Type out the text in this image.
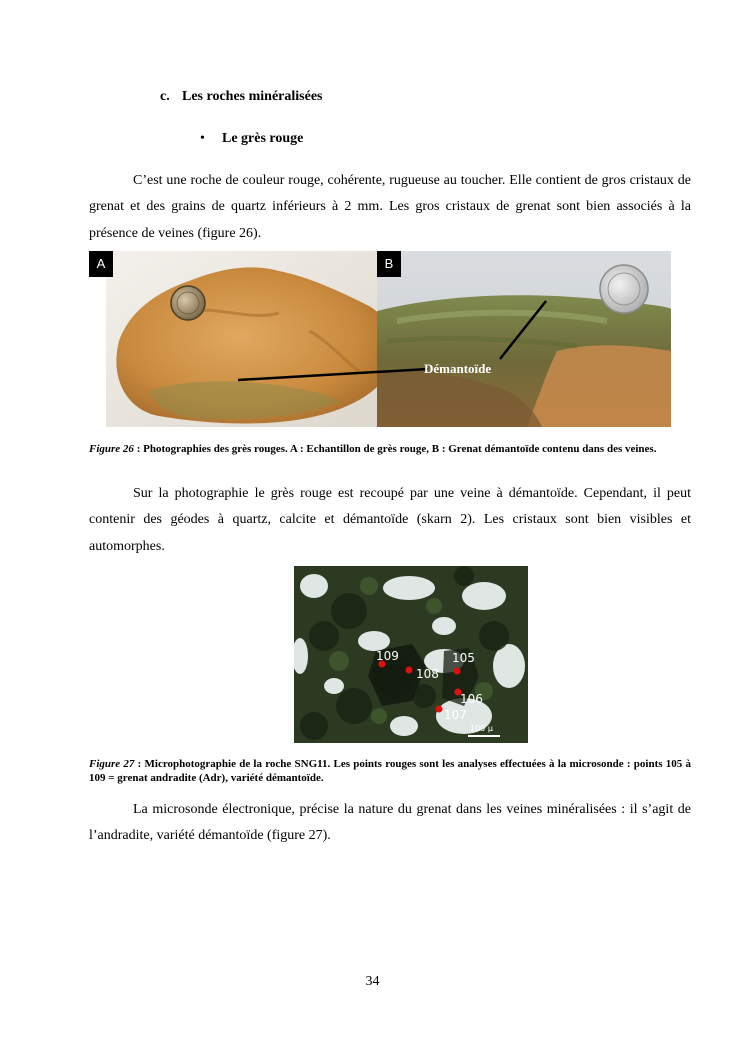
c. Les roches minéralisées
• Le grès rouge

C’est une roche de couleur rouge, cohérente, rugueuse au toucher. Elle contient de gros cristaux de grenat et des grains de quartz inférieurs à 2 mm. Les gros cristaux de grenat sont bien associés à la présence de veines (figure 26).

A	B
Démantoïde

Figure 26 : Photographies des grès rouges. A : Echantillon de grès rouge, B : Grenat démantoïde contenu dans des veines.

Sur la photographie le grès rouge est recoupé par une veine à démantoïde. Cependant, il peut contenir des géodes à quartz, calcite et démantoïde (skarn 2). Les cristaux sont bien visibles et automorphes.

109
108
105
106
107
100 µ

Figure 27 : Microphotographie de la roche SNG11. Les points rouges sont les analyses effectuées à la microsonde : points 105 à 109 = grenat andradite (Adr), variété démantoïde.

La microsonde électronique, précise la nature du grenat dans les veines minéralisées : il s’agit de l’andradite, variété démantoïde (figure 27).

34
